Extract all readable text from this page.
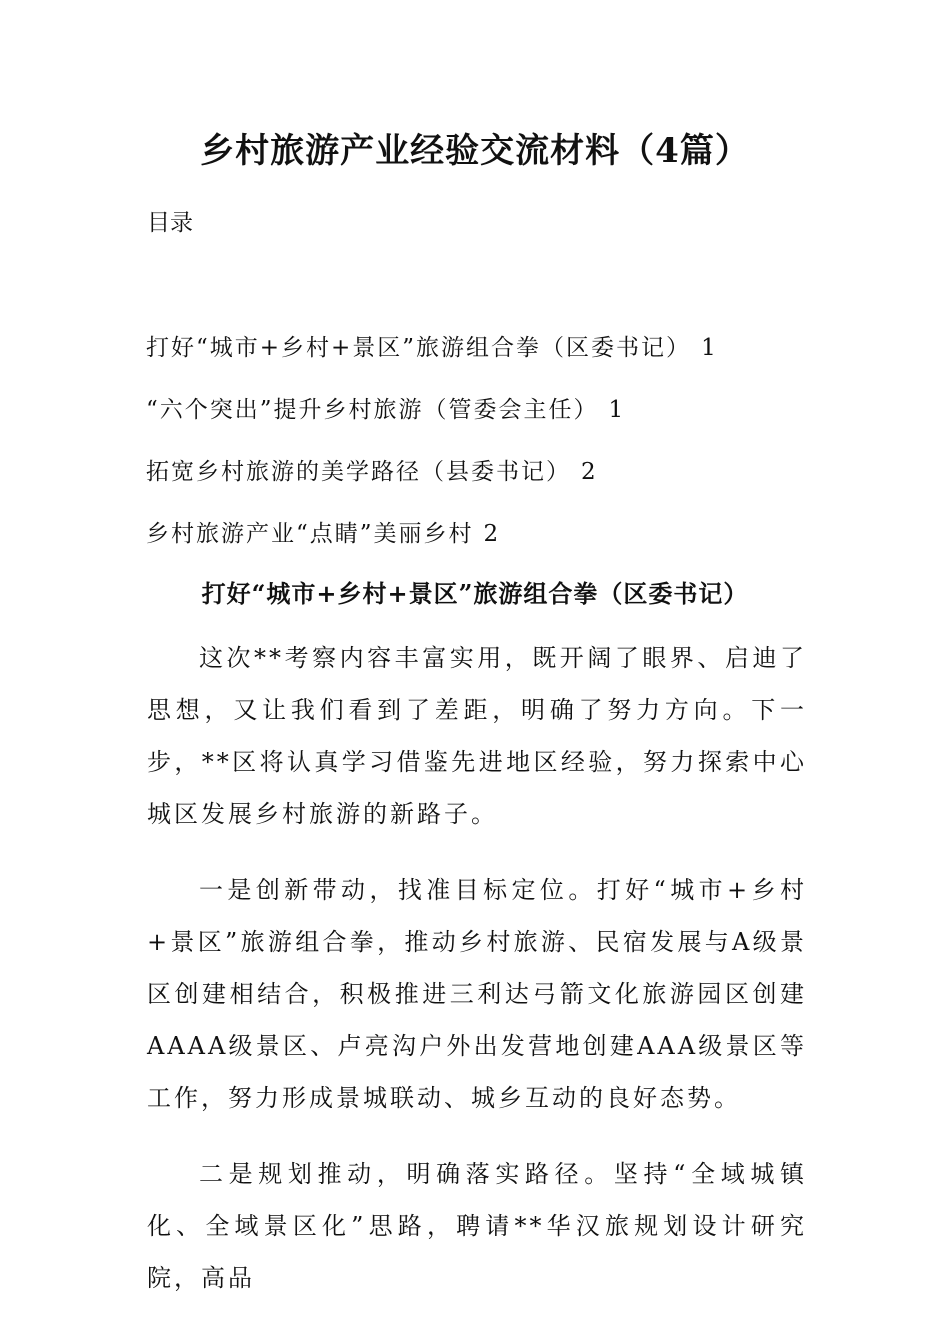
乡村旅游产业经验交流材料（4篇）
目录
打好“城市+乡村+景区”旅游组合拳（区委书记） 1
“六个突出”提升乡村旅游（管委会主任） 1
拓宽乡村旅游的美学路径（县委书记） 2
乡村旅游产业“点睛”美丽乡村 2
打好“城市+乡村+景区”旅游组合拳（区委书记）

这次**考察内容丰富实用，既开阔了眼界、启迪了思想，又让我们看到了差距，明确了努力方向。下一步，**区将认真学习借鉴先进地区经验，努力探索中心城区发展乡村旅游的新路子。

一是创新带动，找准目标定位。打好“城市+乡村+景区”旅游组合拳，推动乡村旅游、民宿发展与A级景区创建相结合，积极推进三利达弓箭文化旅游园区创建AAAA级景区、卢亮沟户外出发营地创建AAA级景区等工作，努力形成景城联动、城乡互动的良好态势。

二是规划推动，明确落实路径。坚持“全域城镇化、全域景区化”思路，聘请**华汉旅规划设计研究院，高品
